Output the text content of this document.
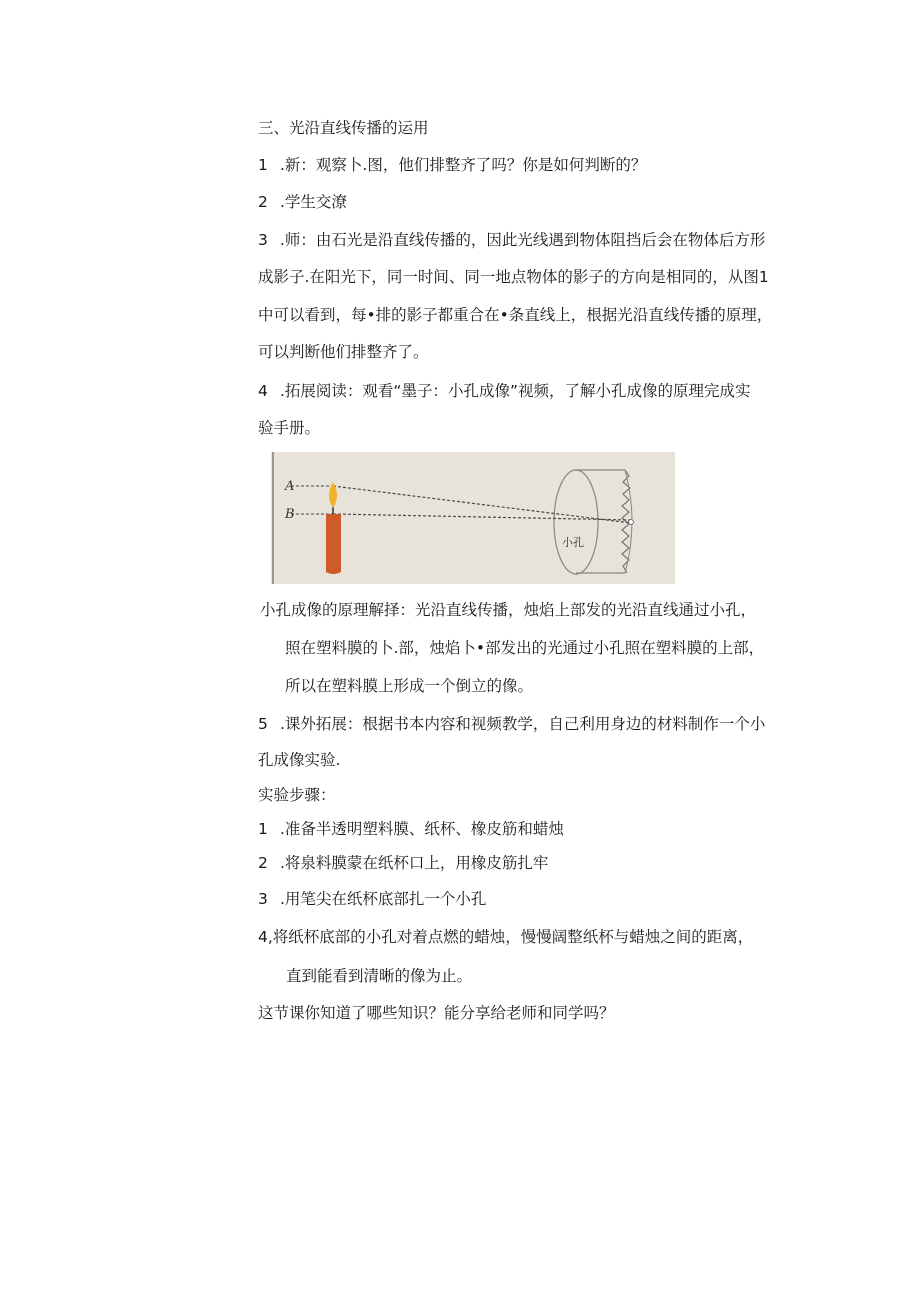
三、光沿直线传播的运用
1 .新：观察卜.图，他们排整齐了吗？你是如何判断的？
2 .学生交潦
3 .师：由石光是沿直线传播的，因此光线遇到物体阻挡后会在物体后方形
成影子.在阳光下，同一时间、同一地点物体的影子的方向是相同的，从图1
中可以看到，每•排的影子都重合在•条直线上，根据光沿直线传播的原理，
可以判断他们排整齐了。
4 .拓展阅读：观看“墨子：小孔成像”视频，了解小孔成像的原理完成实
验手册。
A
B
小孔
小孔成像的原理解择：光沿直线传播，烛焰上部发的光沿直线通过小孔，
照在塑料膜的卜.部，烛焰卜•部发出的光通过小孔照在塑料膜的上部，
所以在塑料膜上形成一个倒立的像。
5 .课外拓展：根据书本内容和视频教学，自己利用身边的材料制作一个小
孔成像实验.
实验步骤：
1 .准备半透明塑料膜、纸杯、橡皮筋和蜡烛
2 .将泉料膜蒙在纸杯口上，用橡皮筋扎牢
3 .用笔尖在纸杯底部扎一个小孔
4,将纸杯底部的小孔对着点燃的蜡烛，慢慢阔整纸杯与蜡烛之间的距离，
直到能看到清晰的像为止。
这节课你知道了哪些知识？能分享给老师和同学吗？
